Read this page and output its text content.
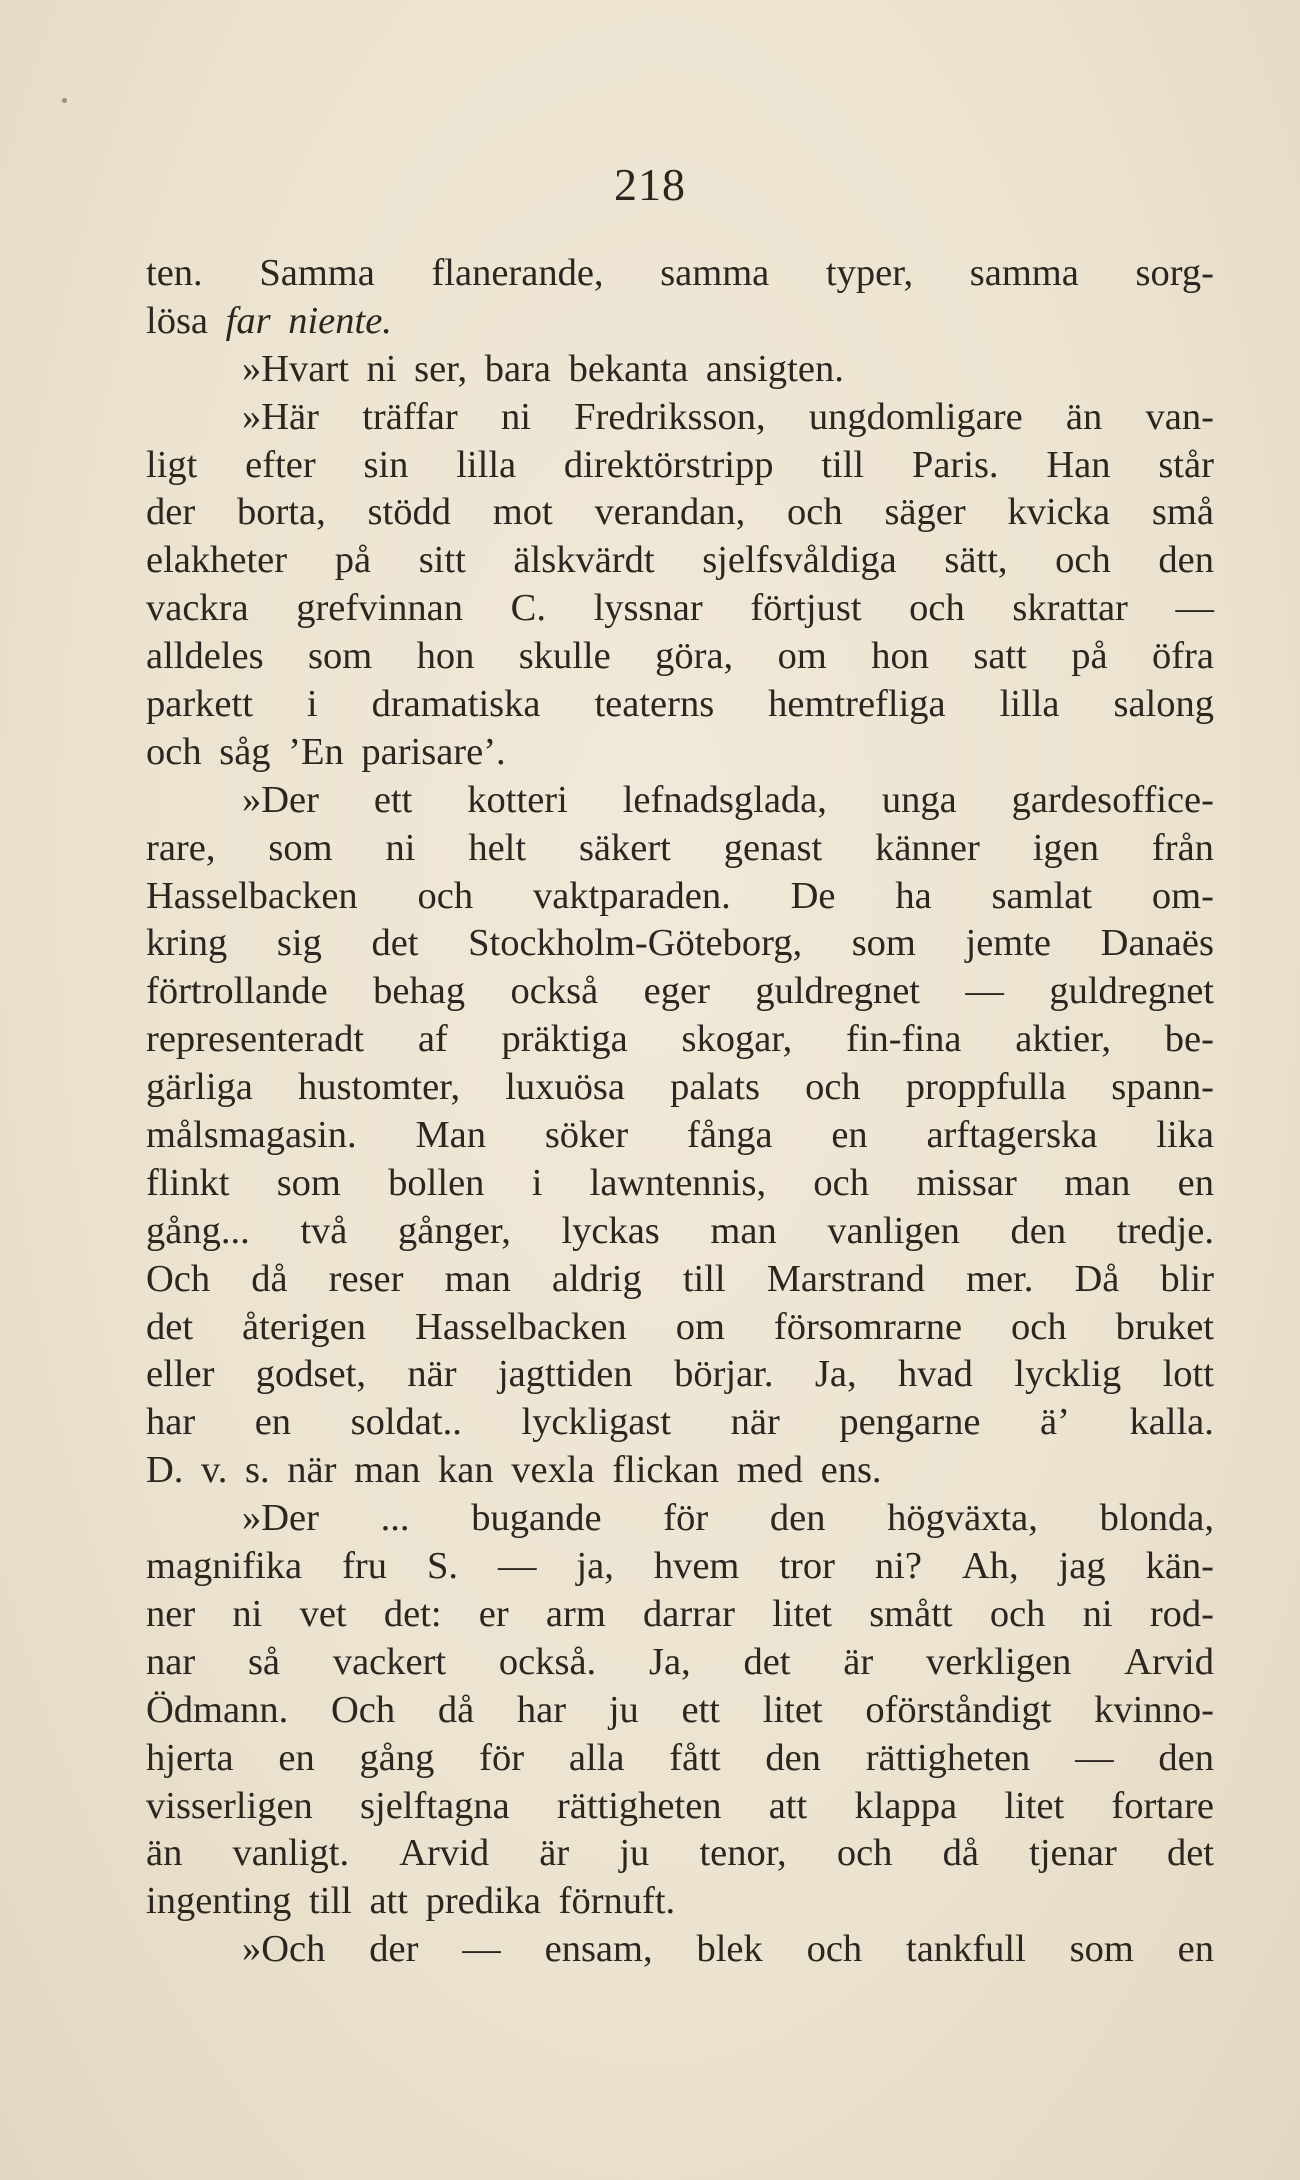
218
ten. Samma flanerande, samma typer, samma sorg-
lösa
far niente.
»Hvart ni ser, bara bekanta ansigten.
»Här träffar ni Fredriksson, ungdomligare än van-
ligt efter sin lilla direktörstripp till Paris. Han står
der borta, stödd mot verandan, och säger kvicka små
elakheter på sitt älskvärdt sjelfsvåldiga sätt, och den
vackra grefvinnan C. lyssnar förtjust och skrattar —
alldeles som hon skulle göra, om hon satt på öfra
parkett i dramatiska teaterns hemtrefliga lilla salong
och såg ’En parisare’.
»Der ett kotteri lefnadsglada, unga gardesoffice-
rare, som ni helt säkert genast känner igen från
Hasselbacken och vaktparaden. De ha samlat om-
kring sig det Stockholm-Göteborg, som jemte Danaës
förtrollande behag också eger guldregnet — guldregnet
representeradt af präktiga skogar, fin-fina aktier, be-
gärliga hustomter, luxuösa palats och proppfulla spann-
målsmagasin. Man söker fånga en arftagerska lika
flinkt som bollen i lawntennis, och missar man en
gång... två gånger, lyckas man vanligen den tredje.
Och då reser man aldrig till Marstrand mer. Då blir
det återigen Hasselbacken om försomrarne och bruket
eller godset, när jagttiden börjar. Ja, hvad lycklig lott
har en soldat.. lyckligast när pengarne ä’ kalla.
D. v. s. när man kan vexla flickan med ens.
»Der ... bugande för den högväxta, blonda,
magnifika fru S. — ja, hvem tror ni? Ah, jag kän-
ner ni vet det: er arm darrar litet smått och ni rod-
nar så vackert också. Ja, det är verkligen Arvid
Ödmann. Och då har ju ett litet oförståndigt kvinno-
hjerta en gång för alla fått den rättigheten — den
visserligen sjelftagna rättigheten att klappa litet fortare
än vanligt. Arvid är ju tenor, och då tjenar det
ingenting till att predika förnuft.
»Och der — ensam, blek och tankfull som en
